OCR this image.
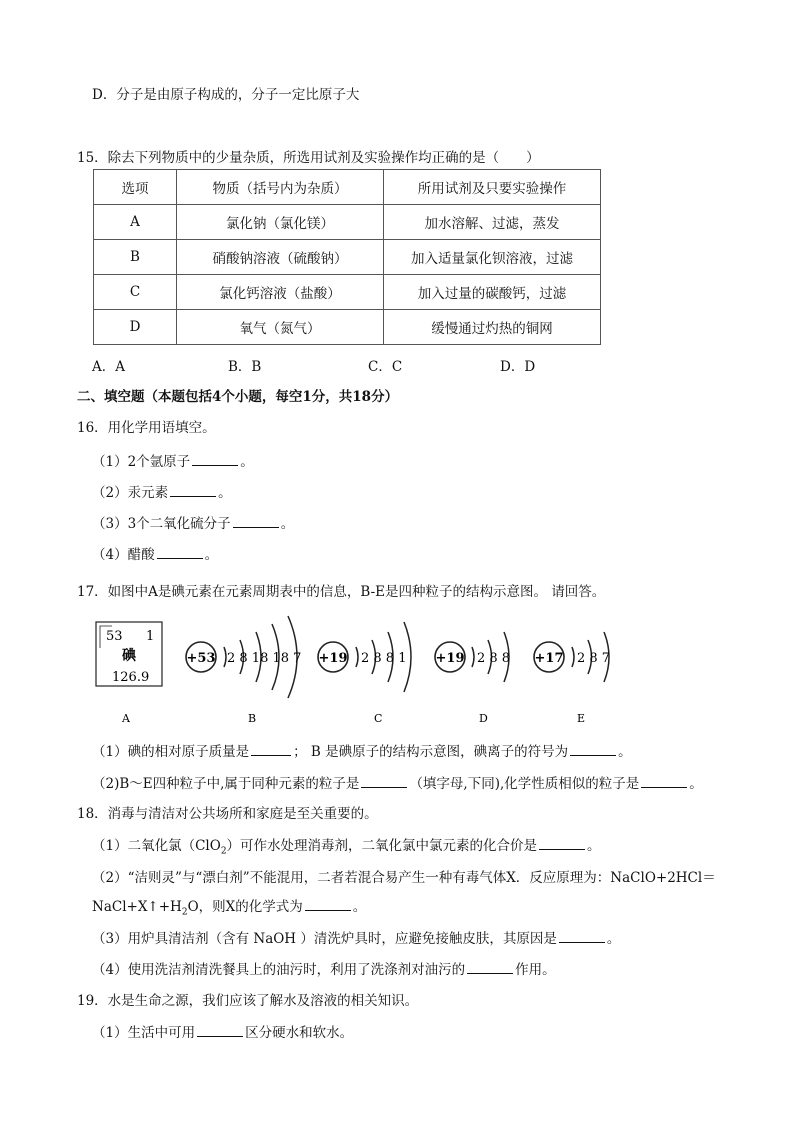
D．分子是由原子构成的，分子一定比原子大
15．除去下列物质中的少量杂质，所选用试剂及实验操作均正确的是（　　）
选项	物质（括号内为杂质）	所用试剂及只要实验操作
A	氯化钠（氯化镁）	加水溶解、过滤，蒸发
B	硝酸钠溶液（硫酸钠）	加入适量氯化钡溶液，过滤
C	氯化钙溶液（盐酸）	加入过量的碳酸钙，过滤
D	氧气（氮气）	缓慢通过灼热的铜网
A．A	B．B	C．C	D．D
二、填空题（本题包括4个小题，每空1分，共18分）
16．用化学用语填空。
（1）2个氩原子	。
（2）汞元素	。
（3）3个二氧化硫分子	。
（4）醋酸	。
17．如图中A是碘元素在元素周期表中的信息，B-E是四种粒子的结构示意图。 请回答。
53 1
碘
126.9
+53 2 8 18 18 7 +19 2 8 8 1 +19 2 8 8 +17 2 8 7
A	B	C	D	E
（1）碘的相对原子质量是	； B 是碘原子的结构示意图，碘离子的符号为	。
（2)B～E四种粒子中,属于同种元素的粒子是	（填字母,下同),化学性质相似的粒子是	。
18．消毒与清洁对公共场所和家庭是至关重要的。
（1）二氧化氯（ClO$_2$）可作水处理消毒剂，二氧化氯中氯元素的化合价是	。
（2）“洁则灵”与“漂白剂”不能混用，二者若混合易产生一种有毒气体X．反应原理为：NaClO+2HCl＝
$NaCl+X↑+H_2O$，则X的化学式为	。
（3）用炉具清洁剂（含有 NaOH ）清洗炉具时，应避免接触皮肤，其原因是	。
（4）使用洗洁剂清洗餐具上的油污时，利用了洗涤剂对油污的	作用。
19．水是生命之源，我们应该了解水及溶液的相关知识。
（1）生活中可用	区分硬水和软水。
